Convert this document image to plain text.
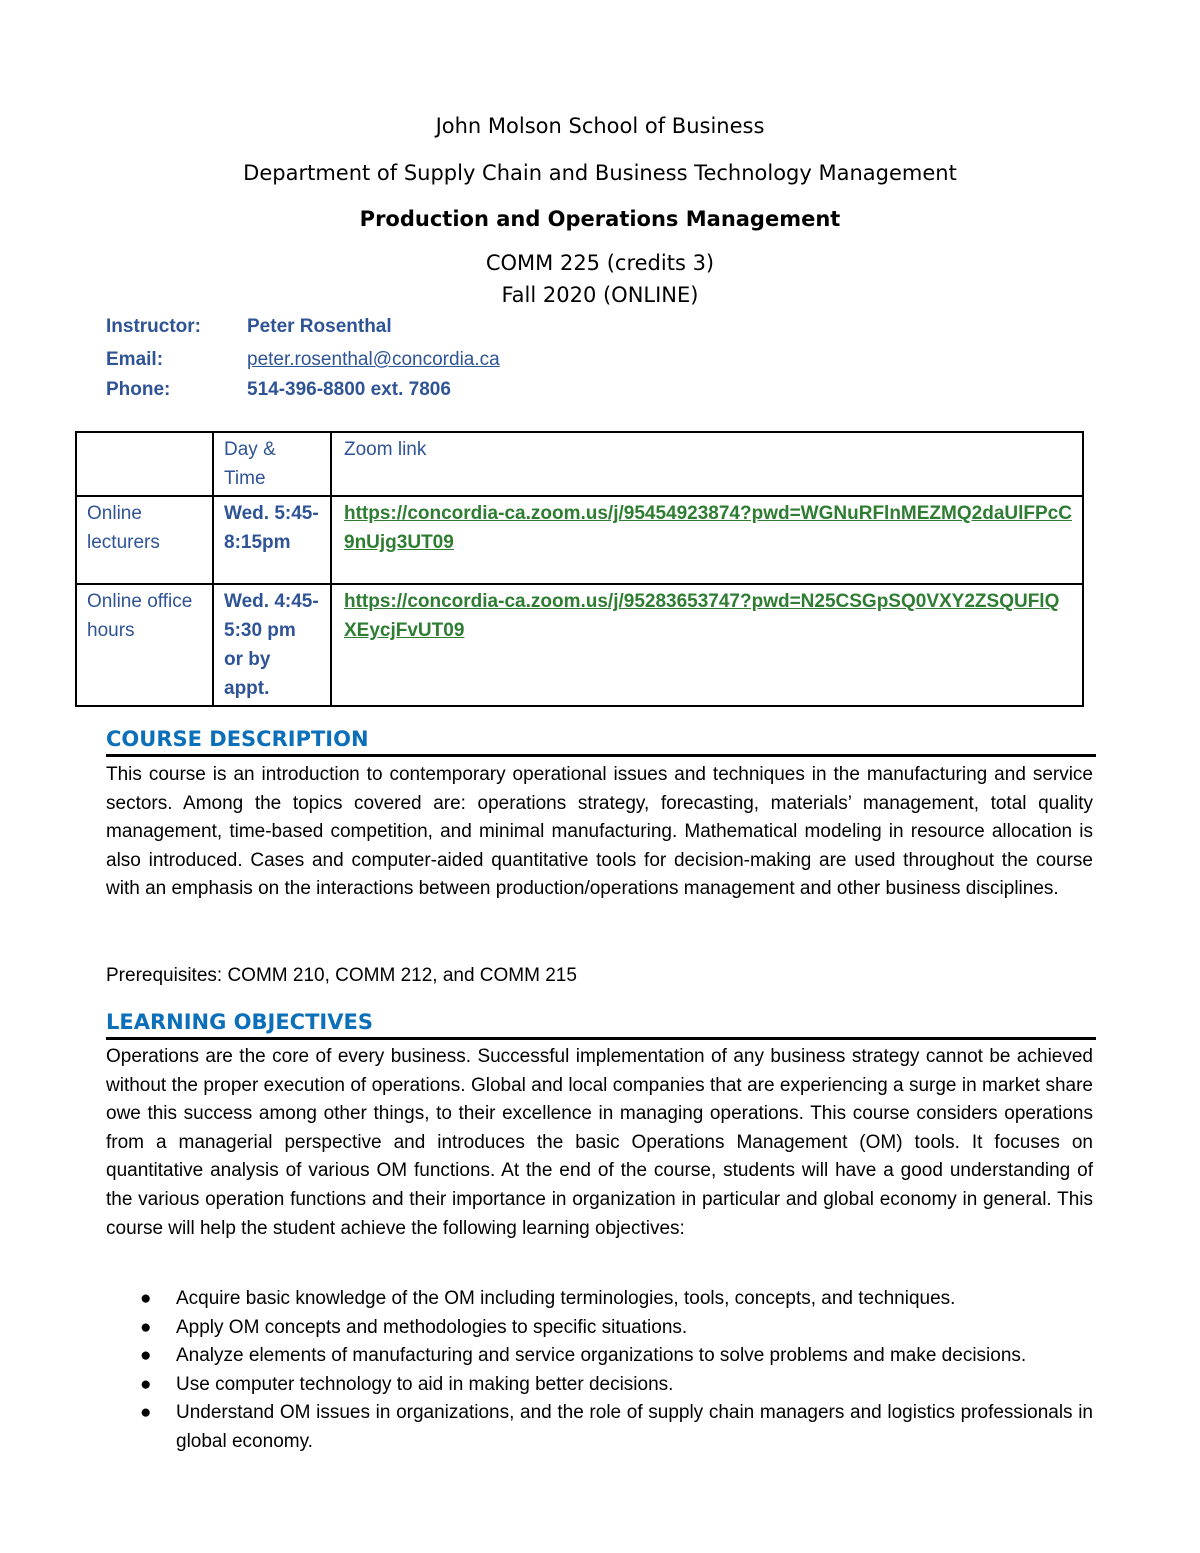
John Molson School of Business
Department of Supply Chain and Business Technology Management
Production and Operations Management
COMM 225 (credits 3)
Fall 2020 (ONLINE)
Instructor: Peter Rosenthal
Email:	peter.rosenthal@concordia.ca
Phone:	514-396-8800 ext. 7806
	Day & Time	Zoom link
Online lecturers	Wed. 5:45-8:15pm	https://concordia-ca.zoom.us/j/95454923874?pwd=WGNuRFlnMEZMQ2daUlFPcC9nUjg3UT09
Online office hours	Wed. 4:45-5:30 pm or by appt.	https://concordia-ca.zoom.us/j/95283653747?pwd=N25CSGpSQ0VXY2ZSQUFlQXEycjFvUT09
COURSE DESCRIPTION
This course is an introduction to contemporary operational issues and techniques in the manufacturing and service sectors. Among the topics covered are: operations strategy, forecasting, materials’ management, total quality management, time-based competition, and minimal manufacturing. Mathematical modeling in resource allocation is also introduced. Cases and computer-aided quantitative tools for decision-making are used throughout the course with an emphasis on the interactions between production/operations management and other business disciplines.
Prerequisites: COMM 210, COMM 212, and COMM 215
LEARNING OBJECTIVES
Operations are the core of every business. Successful implementation of any business strategy cannot be achieved without the proper execution of operations. Global and local companies that are experiencing a surge in market share owe this success among other things, to their excellence in managing operations. This course considers operations from a managerial perspective and introduces the basic Operations Management (OM) tools. It focuses on quantitative analysis of various OM functions. At the end of the course, students will have a good understanding of the various operation functions and their importance in organization in particular and global economy in general. This course will help the student achieve the following learning objectives:
● Acquire basic knowledge of the OM including terminologies, tools, concepts, and techniques.
● Apply OM concepts and methodologies to specific situations.
● Analyze elements of manufacturing and service organizations to solve problems and make decisions.
● Use computer technology to aid in making better decisions.
● Understand OM issues in organizations, and the role of supply chain managers and logistics professionals in global economy.
